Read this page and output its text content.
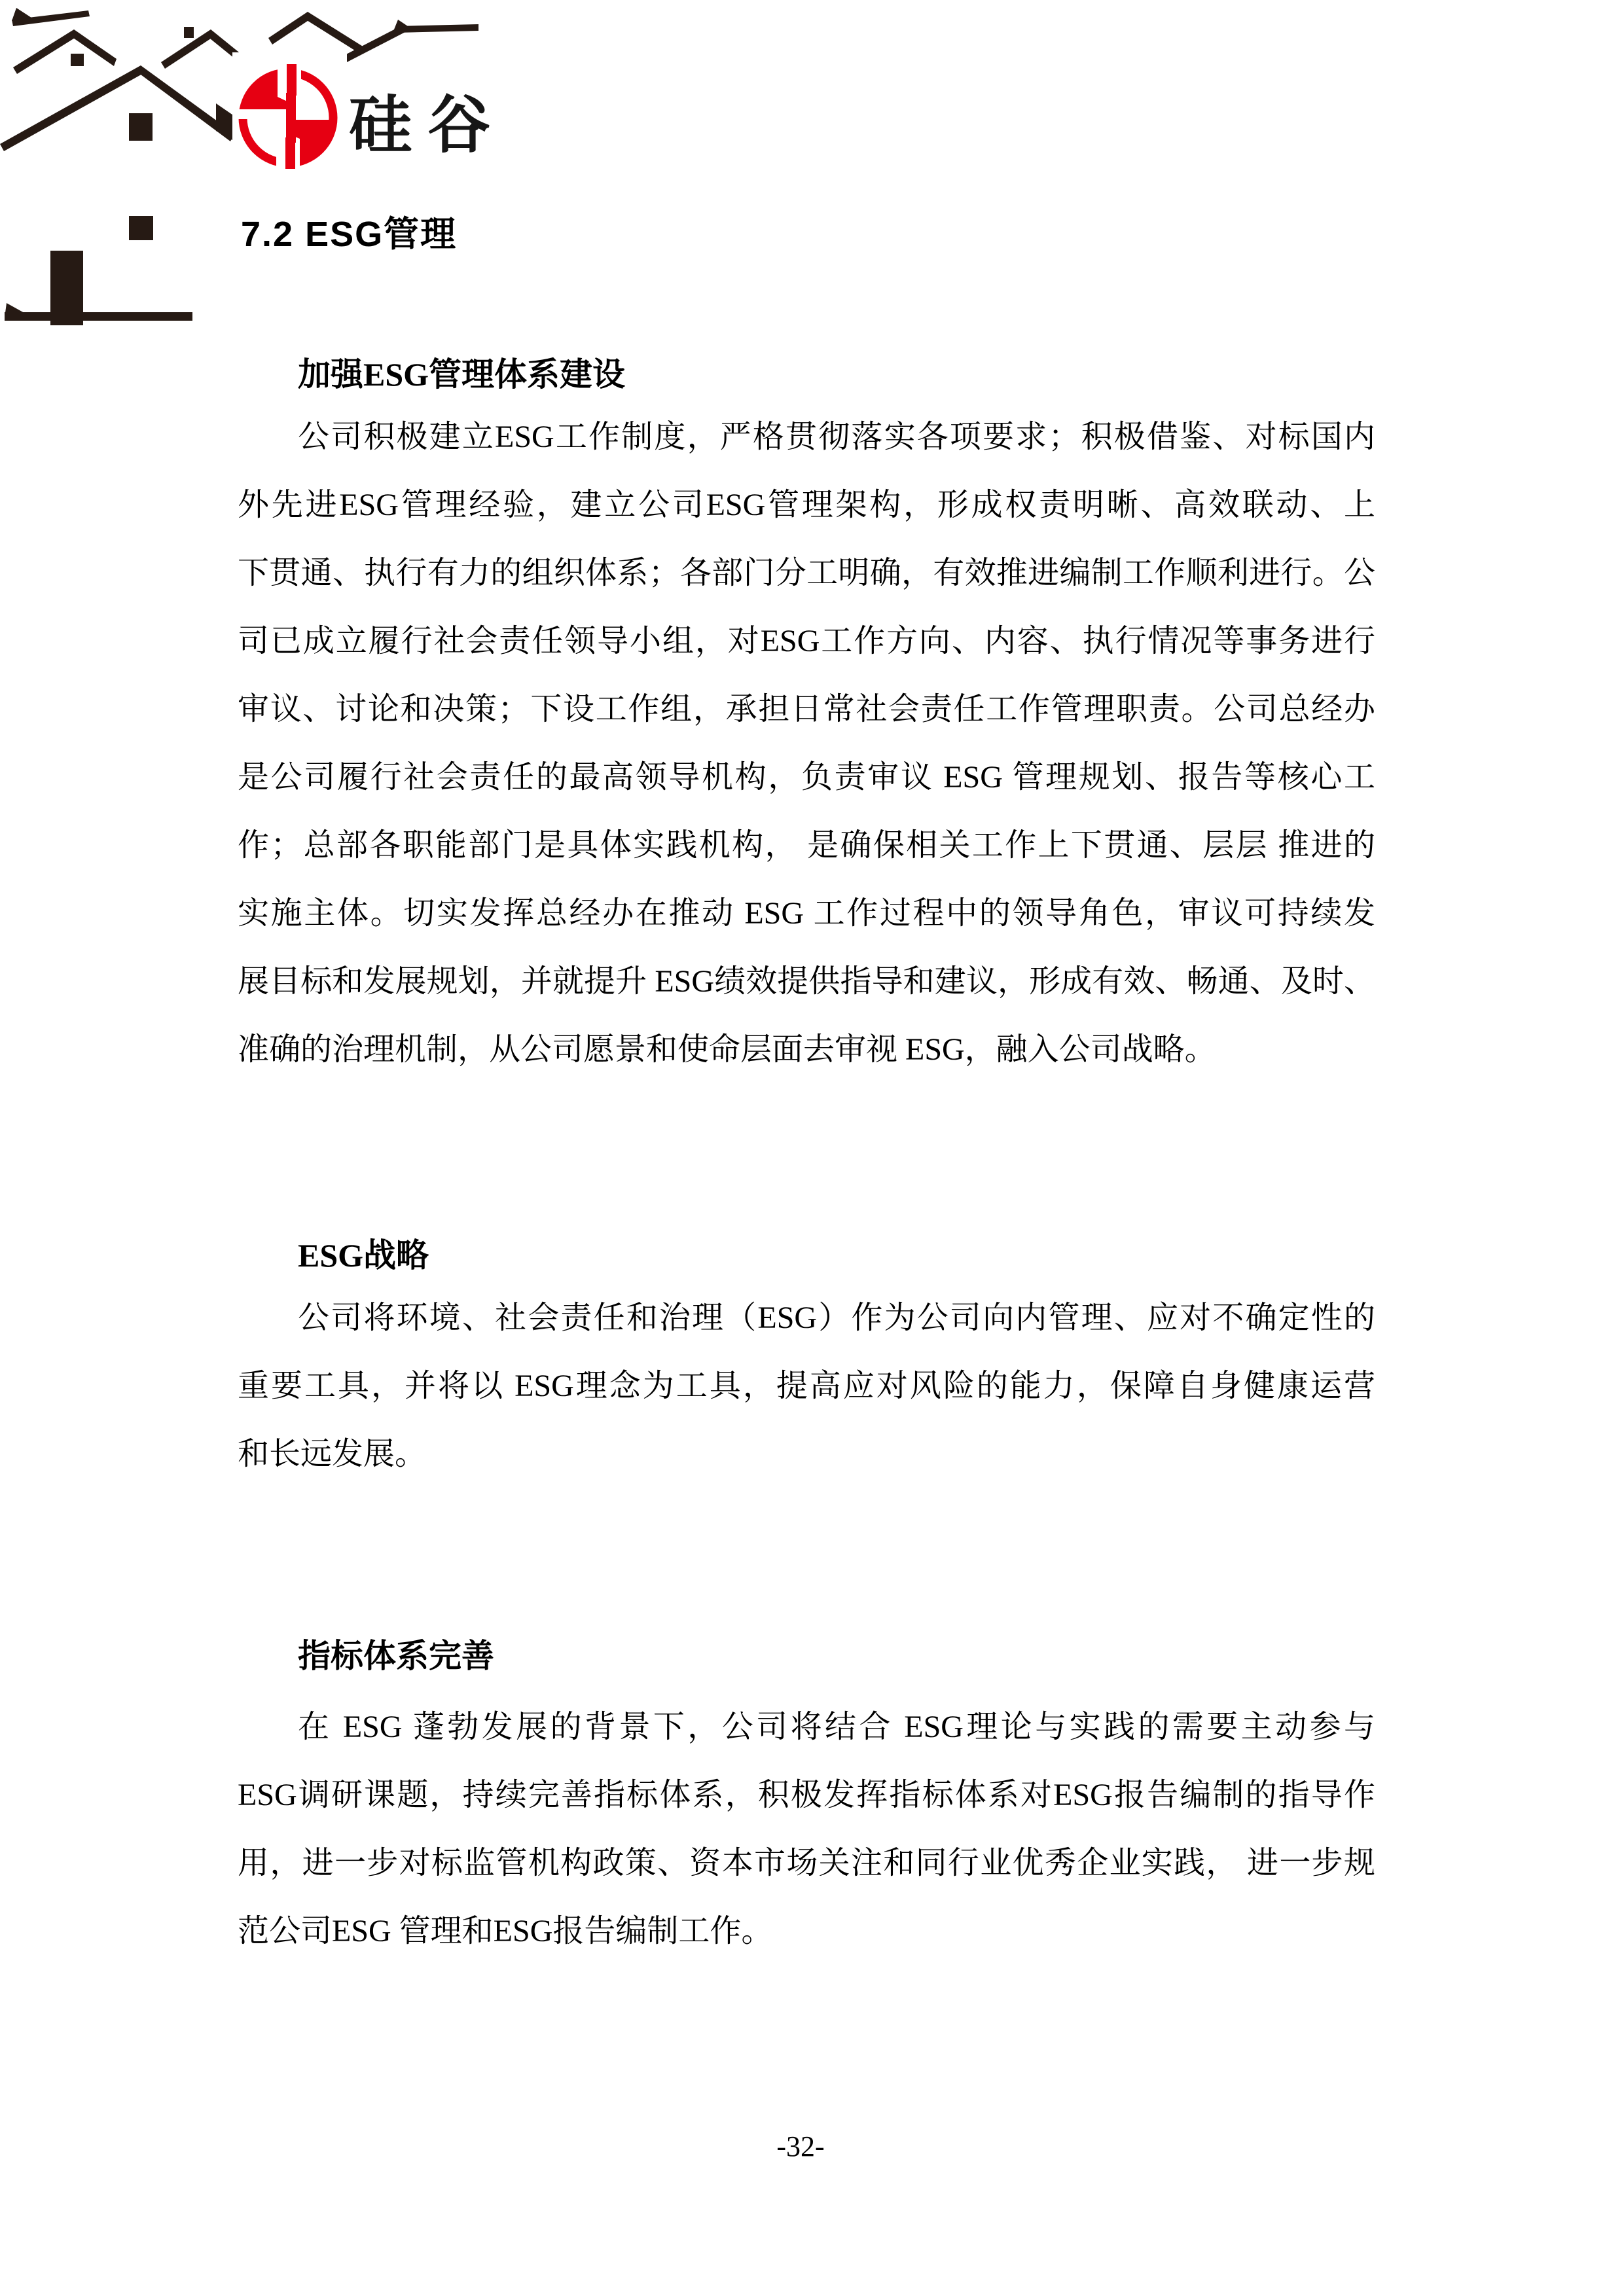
硅谷
7.2 ESG管理
加强ESG管理体系建设
公司积极建立ESG工作制度，严格贯彻落实各项要求；积极借鉴、对标国内
外先进ESG管理经验，建立公司ESG管理架构，形成权责明晰、高效联动、上
下贯通、执行有力的组织体系；各部门分工明确，有效推进编制工作顺利进行。公
司已成立履行社会责任领导小组，对ESG工作方向、内容、执行情况等事务进行
审议、讨论和决策；下设工作组，承担日常社会责任工作管理职责。公司总经办
是公司履行社会责任的最高领导机构，负责审议 ESG 管理规划、报告等核心工
作；总部各职能部门是具体实践机构， 是确保相关工作上下贯通、层层 推进的
实施主体。切实发挥总经办在推动 ESG 工作过程中的领导角色，审议可持续发
展目标和发展规划，并就提升 ESG绩效提供指导和建议，形成有效、畅通、及时、
准确的治理机制，从公司愿景和使命层面去审视 ESG，融入公司战略。
ESG战略
公司将环境、社会责任和治理（ESG）作为公司向内管理、应对不确定性的
重要工具，并将以 ESG理念为工具，提高应对风险的能力，保障自身健康运营
和长远发展。
指标体系完善
在 ESG 蓬勃发展的背景下，公司将结合 ESG理论与实践的需要主动参与
ESG调研课题，持续完善指标体系，积极发挥指标体系对ESG报告编制的指导作
用，进一步对标监管机构政策、资本市场关注和同行业优秀企业实践， 进一步规
范公司ESG 管理和ESG报告编制工作。
-32-
